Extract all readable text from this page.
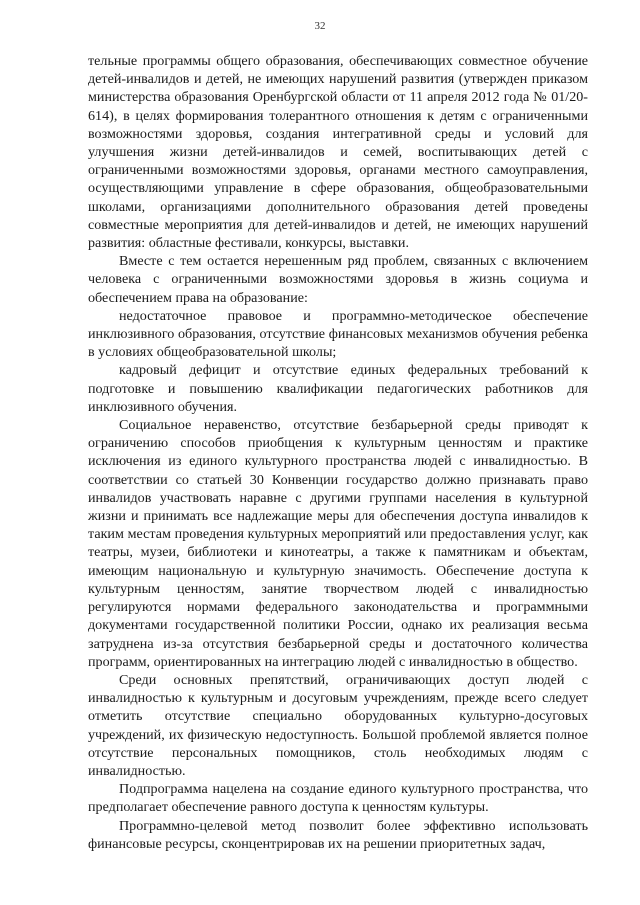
32

тельные программы общего образования, обеспечивающих совместное обучение детей-инвалидов и детей, не имеющих нарушений развития (утвержден приказом министерства образования Оренбургской области от 11 апреля 2012 года № 01/20-614), в целях формирования толерантного отношения к детям с ограниченными возможностями здоровья, создания интегративной среды и условий для улучшения жизни детей-инвалидов и семей, воспитывающих детей с ограниченными возможностями здоровья, органами местного самоуправления, осуществляющими управление в сфере образования, общеобразовательными школами, организациями дополнительного образования детей проведены совместные мероприятия для детей-инвалидов и детей, не имеющих нарушений развития: областные фестивали, конкурсы, выставки.

Вместе с тем остается нерешенным ряд проблем, связанных с включением человека с ограниченными возможностями здоровья в жизнь социума и обеспечением права на образование:

недостаточное правовое и программно-методическое обеспечение инклюзивного образования, отсутствие финансовых механизмов обучения ребенка в условиях общеобразовательной школы;

кадровый дефицит и отсутствие единых федеральных требований к подготовке и повышению квалификации педагогических работников для инклюзивного обучения.

Социальное неравенство, отсутствие безбарьерной среды приводят к ограничению способов приобщения к культурным ценностям и практике исключения из единого культурного пространства людей с инвалидностью. В соответствии со статьей 30 Конвенции государство должно признавать право инвалидов участвовать наравне с другими группами населения в культурной жизни и принимать все надлежащие меры для обеспечения доступа инвалидов к таким местам проведения культурных мероприятий или предоставления услуг, как театры, музеи, библиотеки и кинотеатры, а также к памятникам и объектам, имеющим национальную и культурную значимость. Обеспечение доступа к культурным ценностям, занятие творчеством людей с инвалидностью регулируются нормами федерального законодательства и программными документами государственной политики России, однако их реализация весьма затруднена из-за отсутствия безбарьерной среды и достаточного количества программ, ориентированных на интеграцию людей с инвалидностью в общество.

Среди основных препятствий, ограничивающих доступ людей с инвалидностью к культурным и досуговым учреждениям, прежде всего следует отметить отсутствие специально оборудованных культурно-досуговых учреждений, их физическую недоступность. Большой проблемой является полное отсутствие персональных помощников, столь необходимых людям с инвалидностью.

Подпрограмма нацелена на создание единого культурного пространства, что предполагает обеспечение равного доступа к ценностям культуры.

Программно-целевой метод позволит более эффективно использовать финансовые ресурсы, сконцентрировав их на решении приоритетных задач,
